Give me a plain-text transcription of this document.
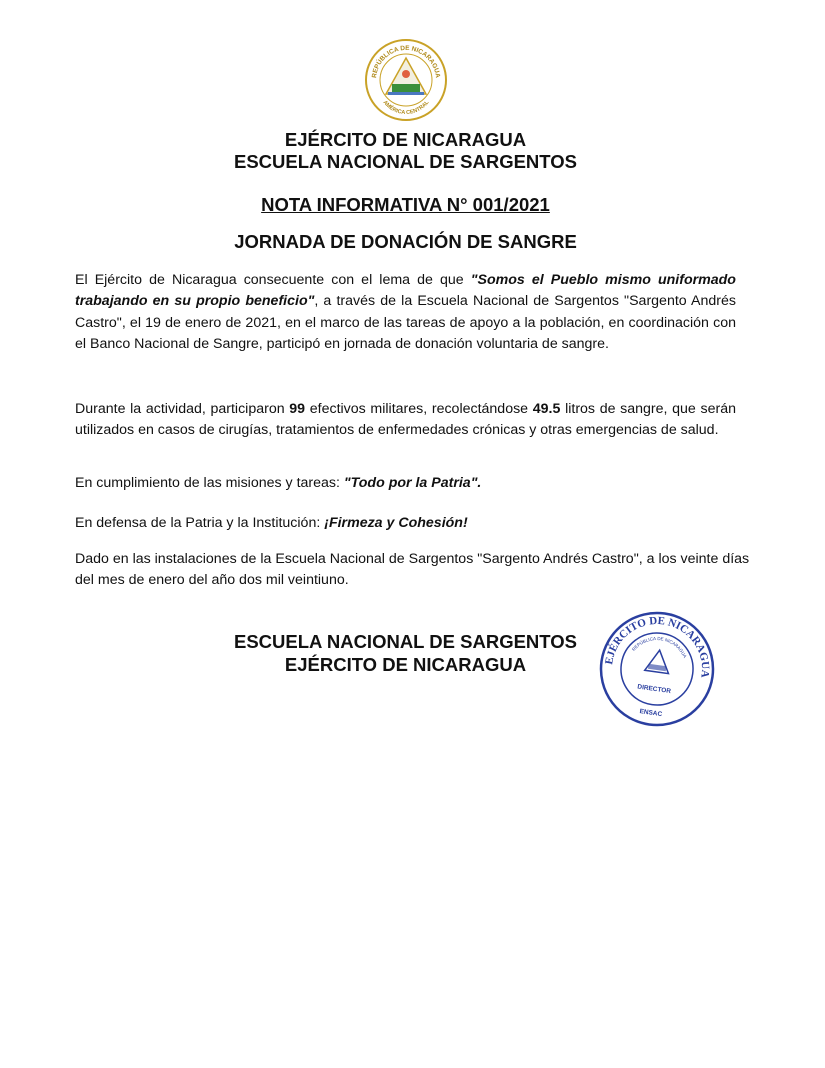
REPÚBLICA DE NICARAGUA
AMÉRICA CENTRAL
EJÉRCITO DE NICARAGUA
ESCUELA NACIONAL DE SARGENTOS
NOTA INFORMATIVA N° 001/2021
JORNADA DE DONACIÓN DE SANGRE
El Ejército de Nicaragua consecuente con el lema de que "Somos el Pueblo mismo uniformado trabajando en su propio beneficio", a través de la Escuela Nacional de Sargentos "Sargento Andrés Castro", el 19 de enero de 2021, en el marco de las tareas de apoyo a la población, en coordinación con el Banco Nacional de Sangre, participó en jornada de donación voluntaria de sangre.
Durante la actividad, participaron 99 efectivos militares, recolectándose 49.5 litros de sangre, que serán utilizados en casos de cirugías, tratamientos de enfermedades crónicas y otras emergencias de salud.
En cumplimiento de las misiones y tareas: "Todo por la Patria".
En defensa de la Patria y la Institución: ¡Firmeza y Cohesión!
Dado en las instalaciones de la Escuela Nacional de Sargentos "Sargento Andrés Castro", a los veinte días del mes de enero del año dos mil veintiuno.
ESCUELA NACIONAL DE SARGENTOS
EJÉRCITO DE NICARAGUA	EJÉRCITO DE NICARAGUA
REPÚBLICA DE NICARAGUA
DIRECTOR
ENSAC
